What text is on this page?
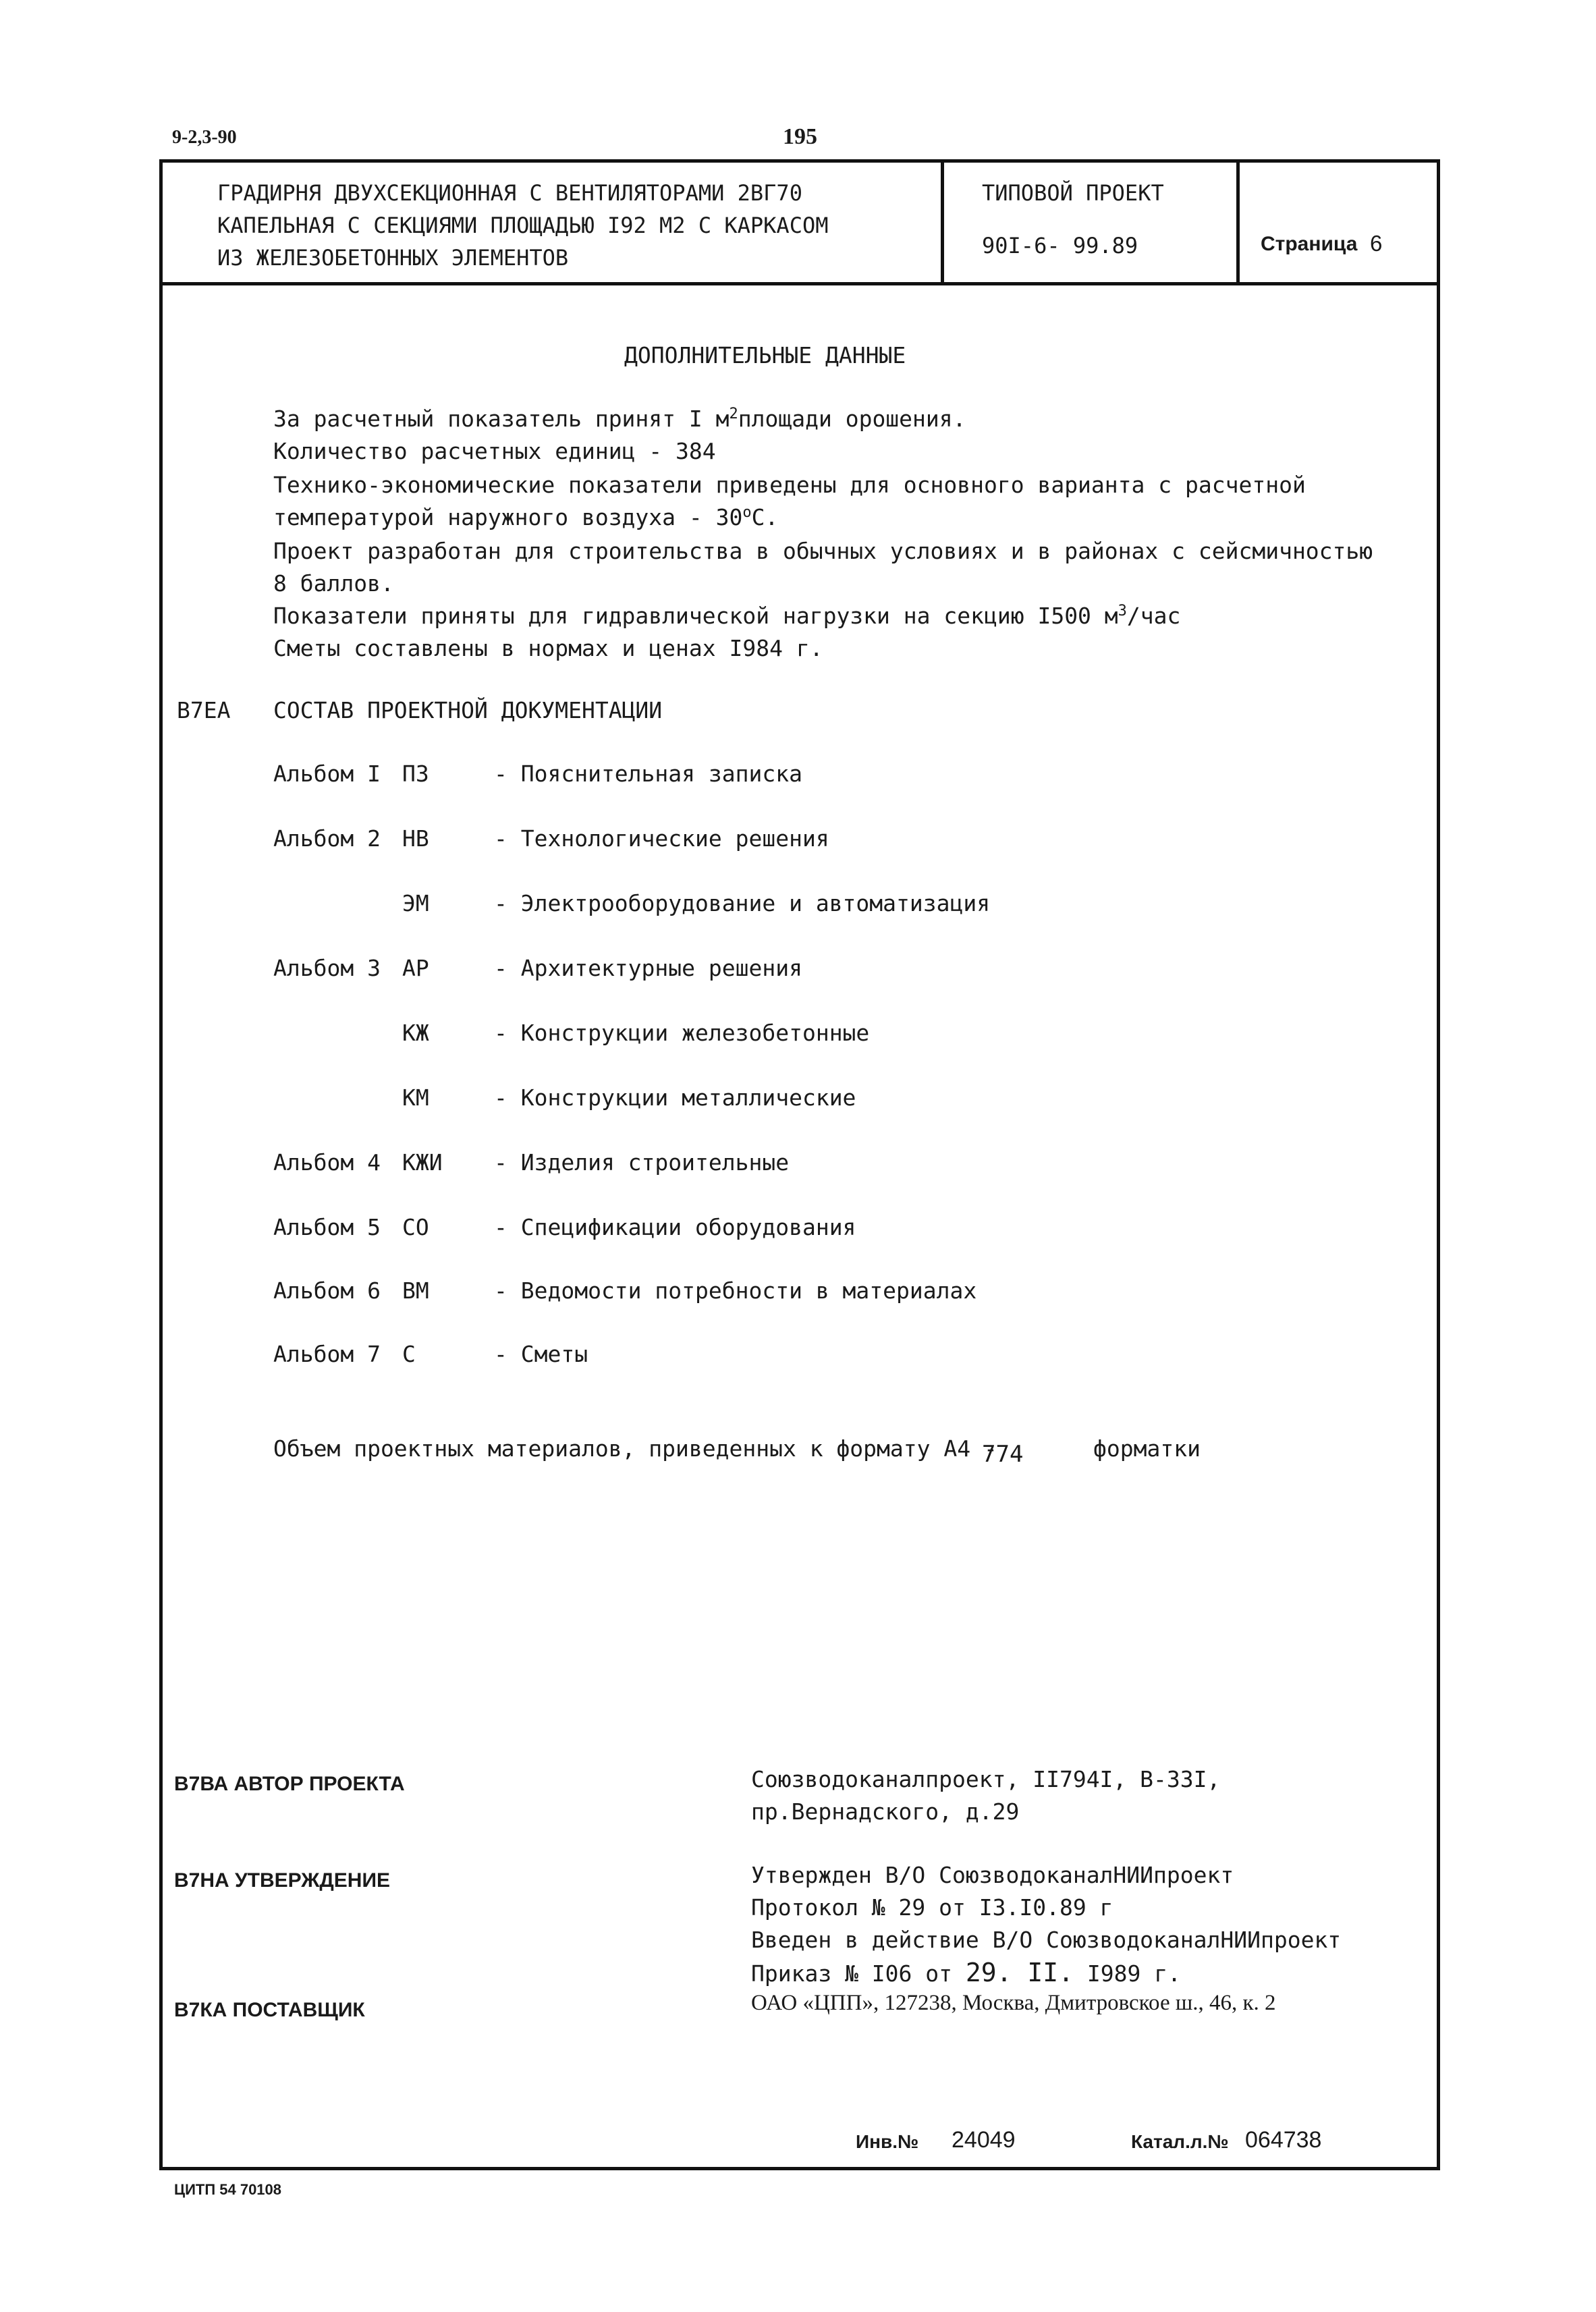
9-2,3-90	195
ГРАДИРНЯ ДВУХСЕКЦИОННАЯ С ВЕНТИЛЯТОРАМИ 2ВГ70
КАПЕЛЬНАЯ С СЕКЦИЯМИ ПЛОЩАДЬЮ I92 М2 С КАРКАСОМ
ИЗ ЖЕЛЕЗОБЕТОННЫХ ЭЛЕМЕНТОВ
ТИПОВОЙ ПРОЕКТ
90I-6- 99.89	Страница 6
ДОПОЛНИТЕЛЬНЫЕ ДАННЫЕ
За расчетный показатель принят I $м^2площади$ орошения.
Количество расчетных единиц - 384
Технико-экономические показатели приведены для основного варианта с расчетной
температурой наружного воздуха - $30^оС$.
Проект разработан для строительства в обычных условиях и в районах с сейсмичностью
8 баллов.
Показатели приняты для гидравлической нагрузки на секцию I500 $м^3$/час
Сметы составлены в нормах и ценах I984 г.
В7ЕА СОСТАВ ПРОЕКТНОЙ ДОКУМЕНТАЦИИ
Альбом I ПЗ	- Пояснительная записка
Альбом 2 НВ	- Технологические решения
ЭМ	- Электрооборудование и автоматизация
Альбом 3 АР	- Архитектурные решения
КЖ	- Конструкции железобетонные
КМ	- Конструкции металлические
Альбом 4 КЖИ - Изделия строительные
Альбом 5 СО	- Спецификации оборудования
Альбом 6 ВМ	- Ведомости потребности в материалах
Альбом 7 С	- Сметы
Объем проектных материалов, приведенных к формату А4 -
774	форматки
В7ВА АВТОР ПРОЕКТА	Союзводоканалпроект, II794I, В-33I,
пр.Вернадского, д.29
В7НА УТВЕРЖДЕНИЕ	Утвержден В/О СоюзводоканалНИИпроект
Протокол № 29 от I3.I0.89 г
Введен в действие В/О СоюзводоканалНИИпроект
Приказ № I06 от 29. II. I989 г.
В7КА ПОСТАВЩИК	ОАО «ЦПП», 127238, Москва, Дмитровское ш., 46, к. 2
Инв.№ 24049	Катал.л.№ 064738
ЦИТП 54 70108
